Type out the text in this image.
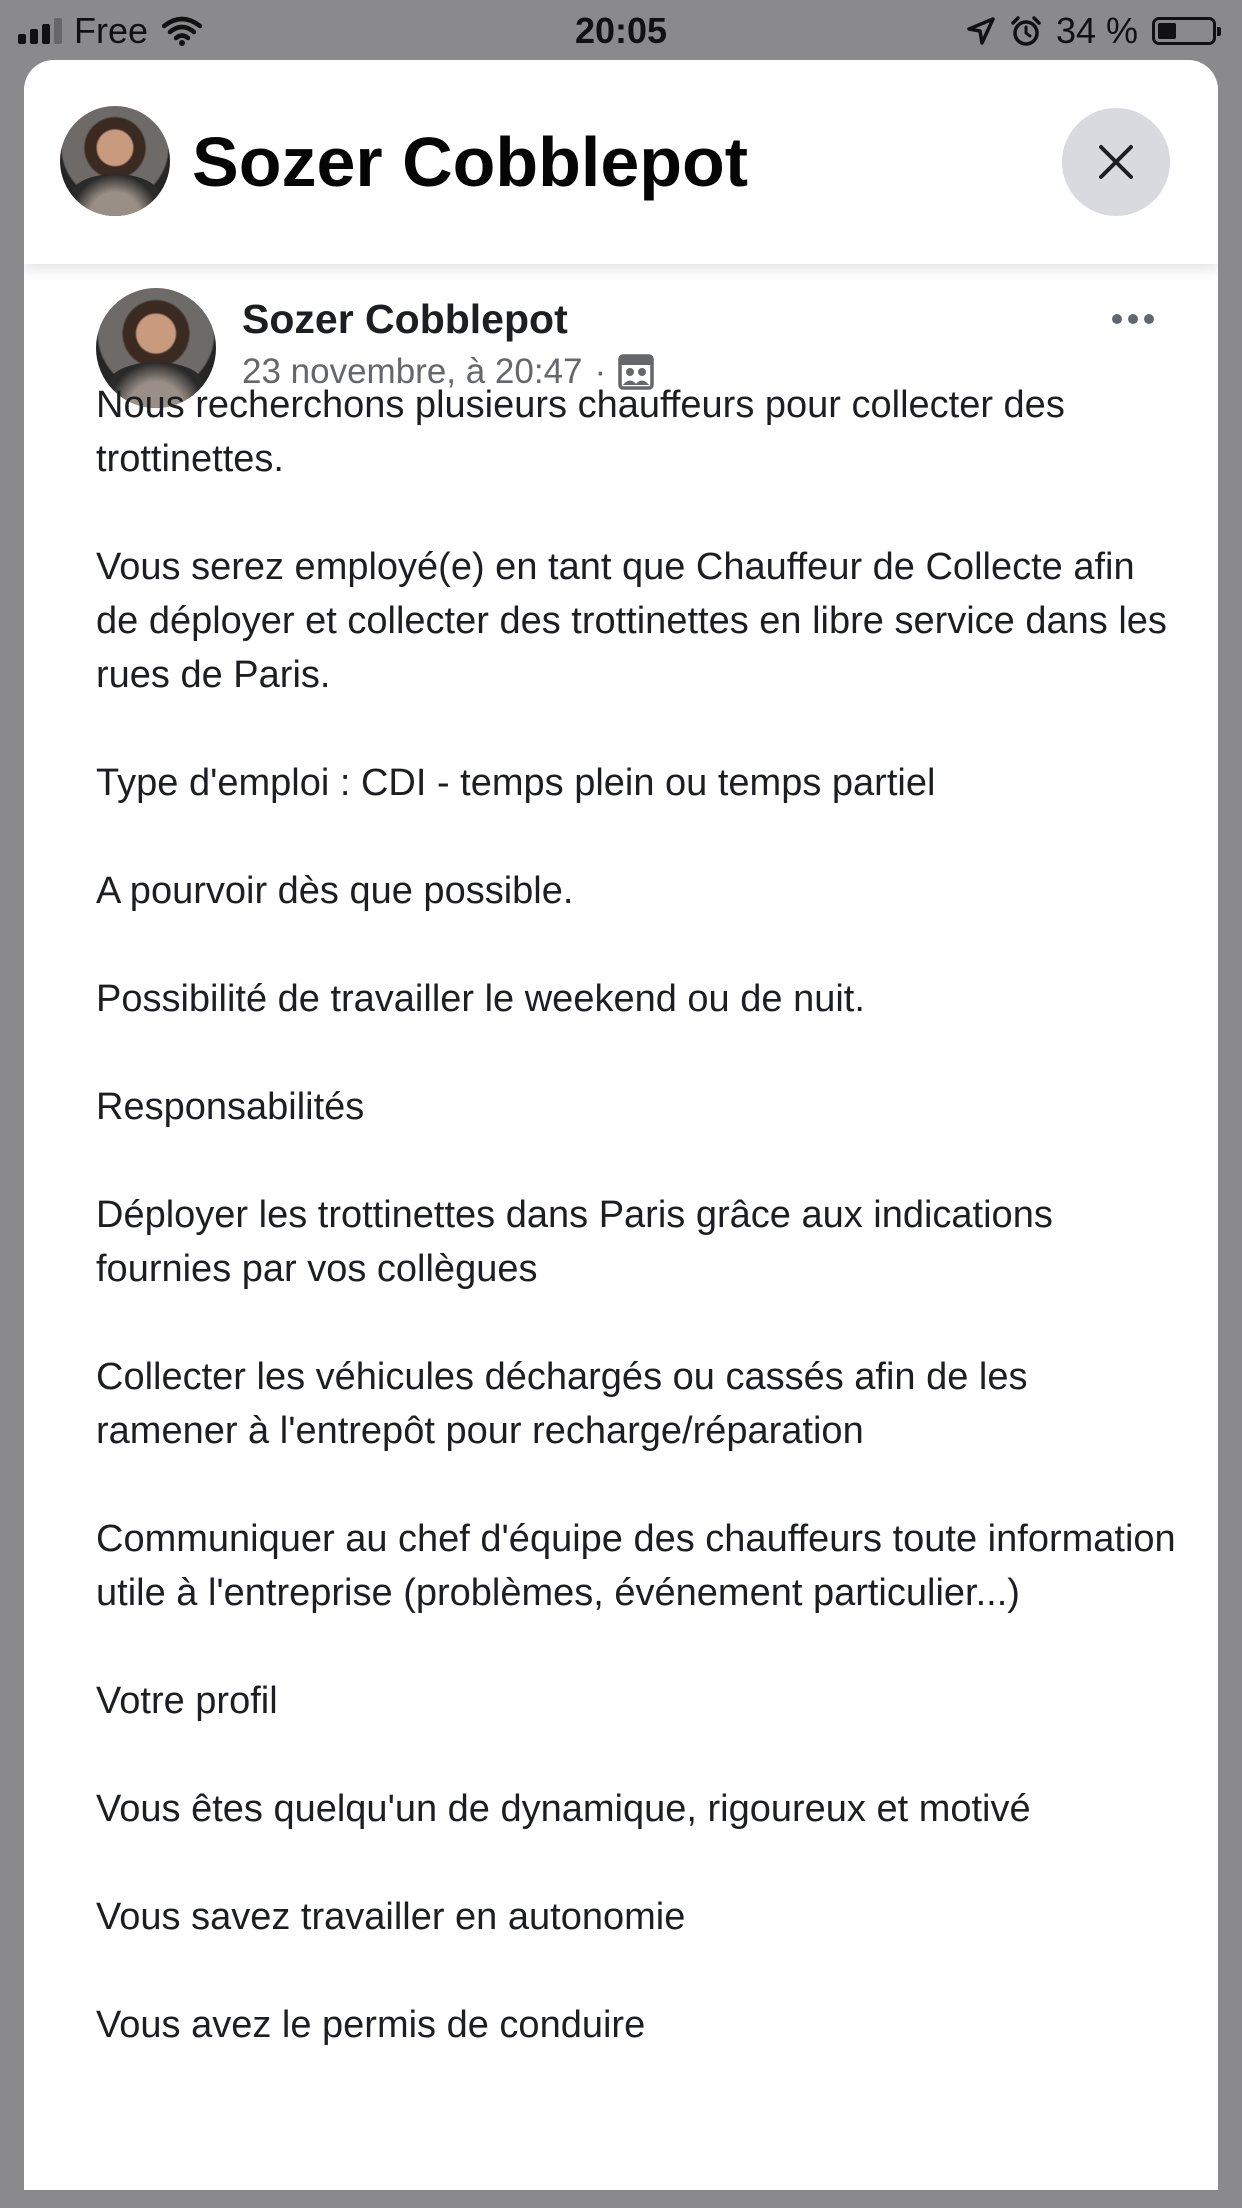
Free	20:05	34 %
Sozer Cobblepot
Sozer Cobblepot
23 novembre, à 20:47 ·

Nous recherchons plusieurs chauffeurs pour collecter des trottinettes.

Vous serez employé(e) en tant que Chauffeur de Collecte afin de déployer et collecter des trottinettes en libre service dans les rues de Paris.

Type d'emploi : CDI - temps plein ou temps partiel

A pourvoir dès que possible.

Possibilité de travailler le weekend ou de nuit.

Responsabilités

Déployer les trottinettes dans Paris grâce aux indications fournies par vos collègues

Collecter les véhicules déchargés ou cassés afin de les ramener à l'entrepôt pour recharge/réparation

Communiquer au chef d'équipe des chauffeurs toute information utile à l'entreprise (problèmes, événement particulier...)

Votre profil

Vous êtes quelqu'un de dynamique, rigoureux et motivé

Vous savez travailler en autonomie

Vous avez le permis de conduire
